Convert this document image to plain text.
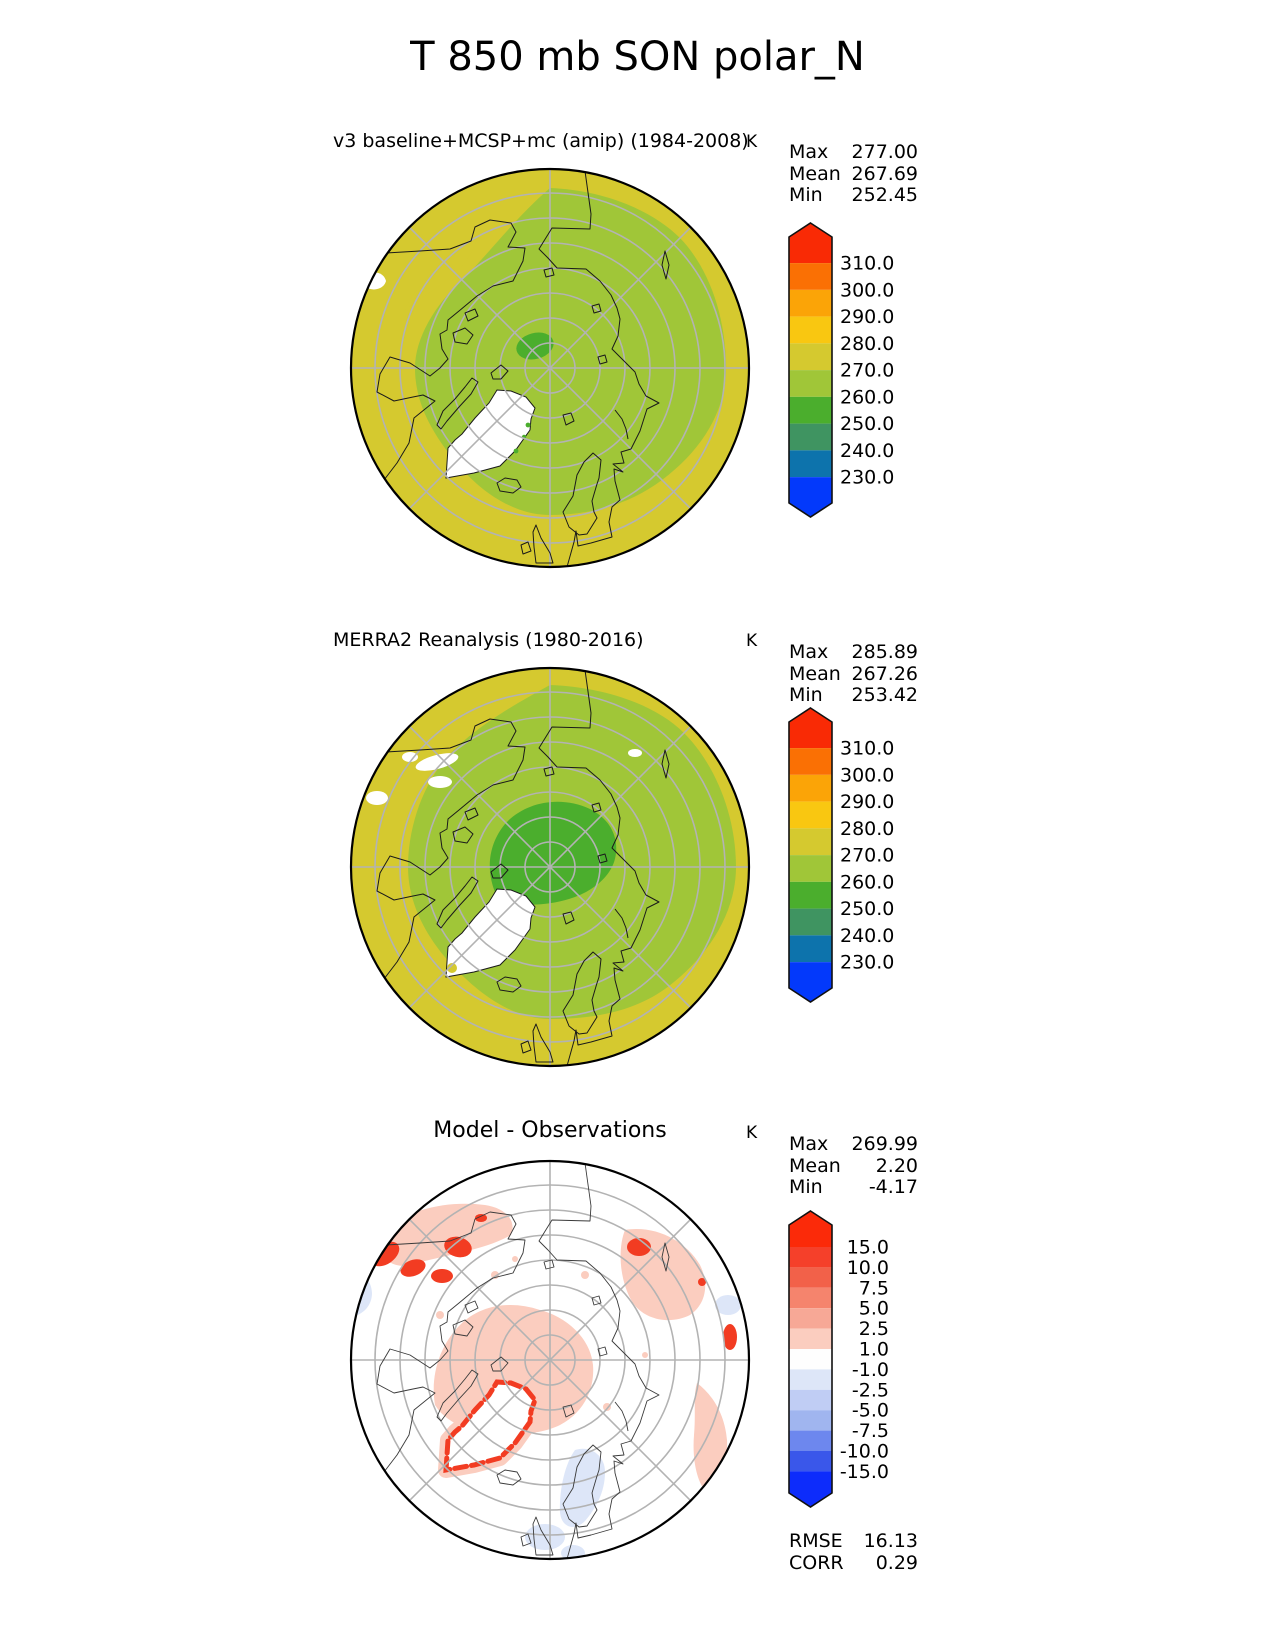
T 850 mb SON polar_N
v3 baseline+MCSP+mc (amip) (1984-2008)
K Max 277.00
Mean 267.69
Min 252.45
310.0
300.0
290.0
280.0
270.0
260.0
250.0
240.0
230.0
MERRA2 Reanalysis (1980-2016)	K Max 285.89
Mean 267.26
Min 253.42
310.0
300.0
290.0
280.0
270.0
260.0
250.0
240.0
230.0
Model - Observations	K Max 269.99
Mean 2.20
Min -4.17
15.0
10.0
7.5
5.0
2.5
1.0
-1.0
-2.5
-5.0
-7.5
-10.0
-15.0
RMSE 16.13
CORR 0.29
